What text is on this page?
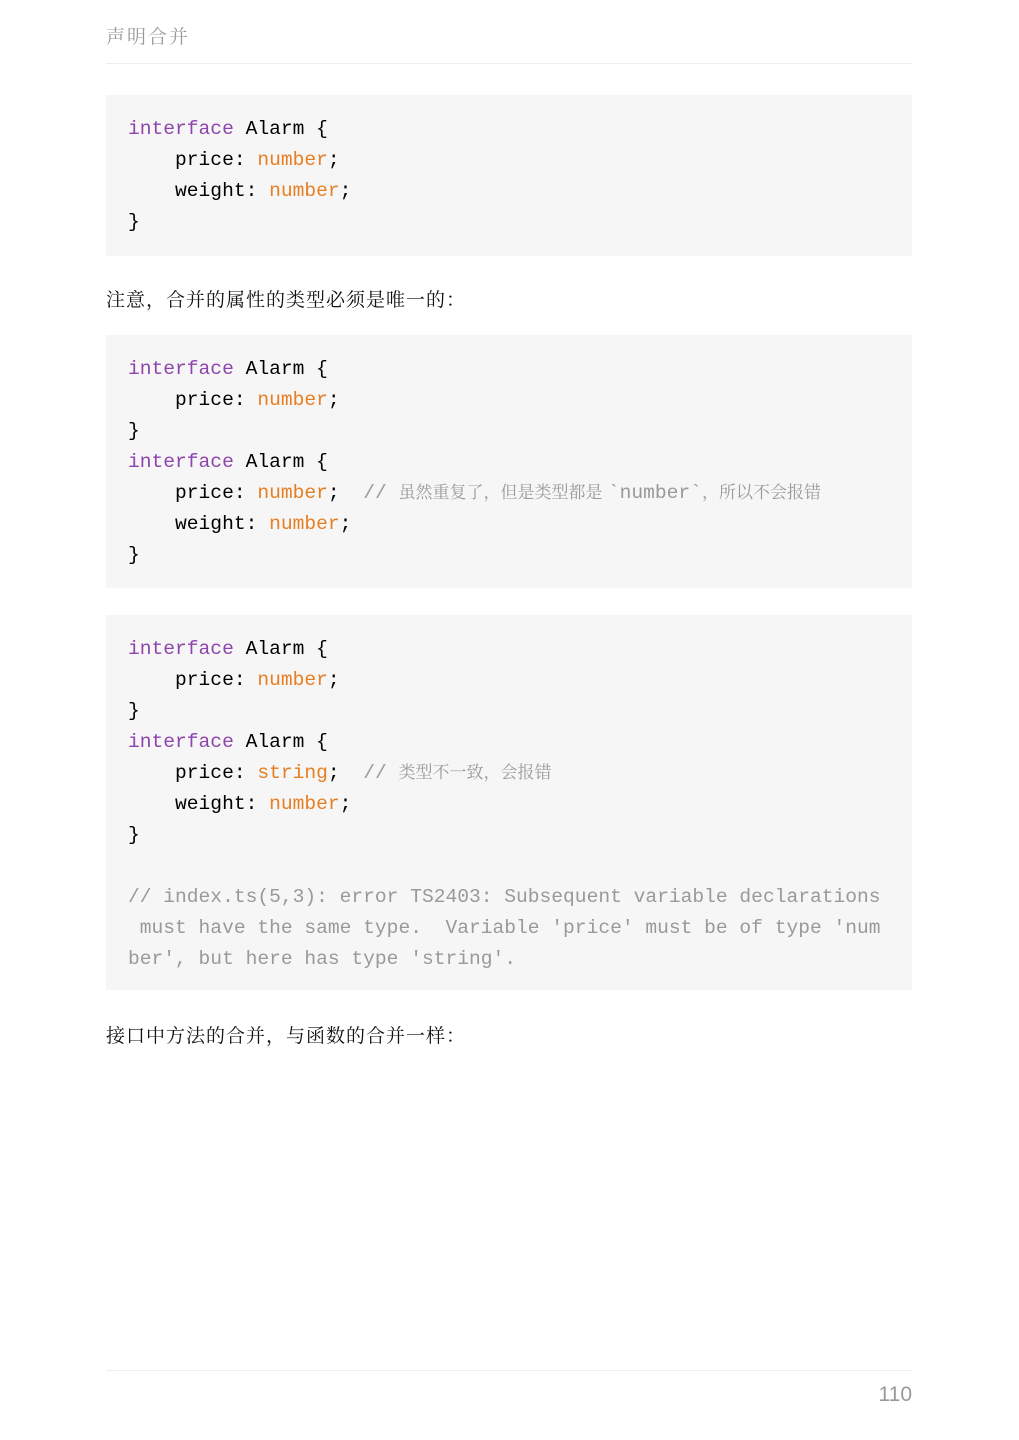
声明合并
interface Alarm {
price: number;
weight: number;
}
注意，合并的属性的类型必须是唯一的：
interface Alarm {
price: number;
}
interface Alarm {
price: number;  // 虽然重复了，但是类型都是 `number`，所以不会报错
weight: number;
}
interface Alarm {
price: number;
}
interface Alarm {
price: string;  // 类型不一致，会报错
weight: number;
}
// index.ts(5,3): error TS2403: Subsequent variable declarations
must have the same type.  Variable 'price' must be of type 'num
ber', but here has type 'string'.
接口中方法的合并，与函数的合并一样：
110
